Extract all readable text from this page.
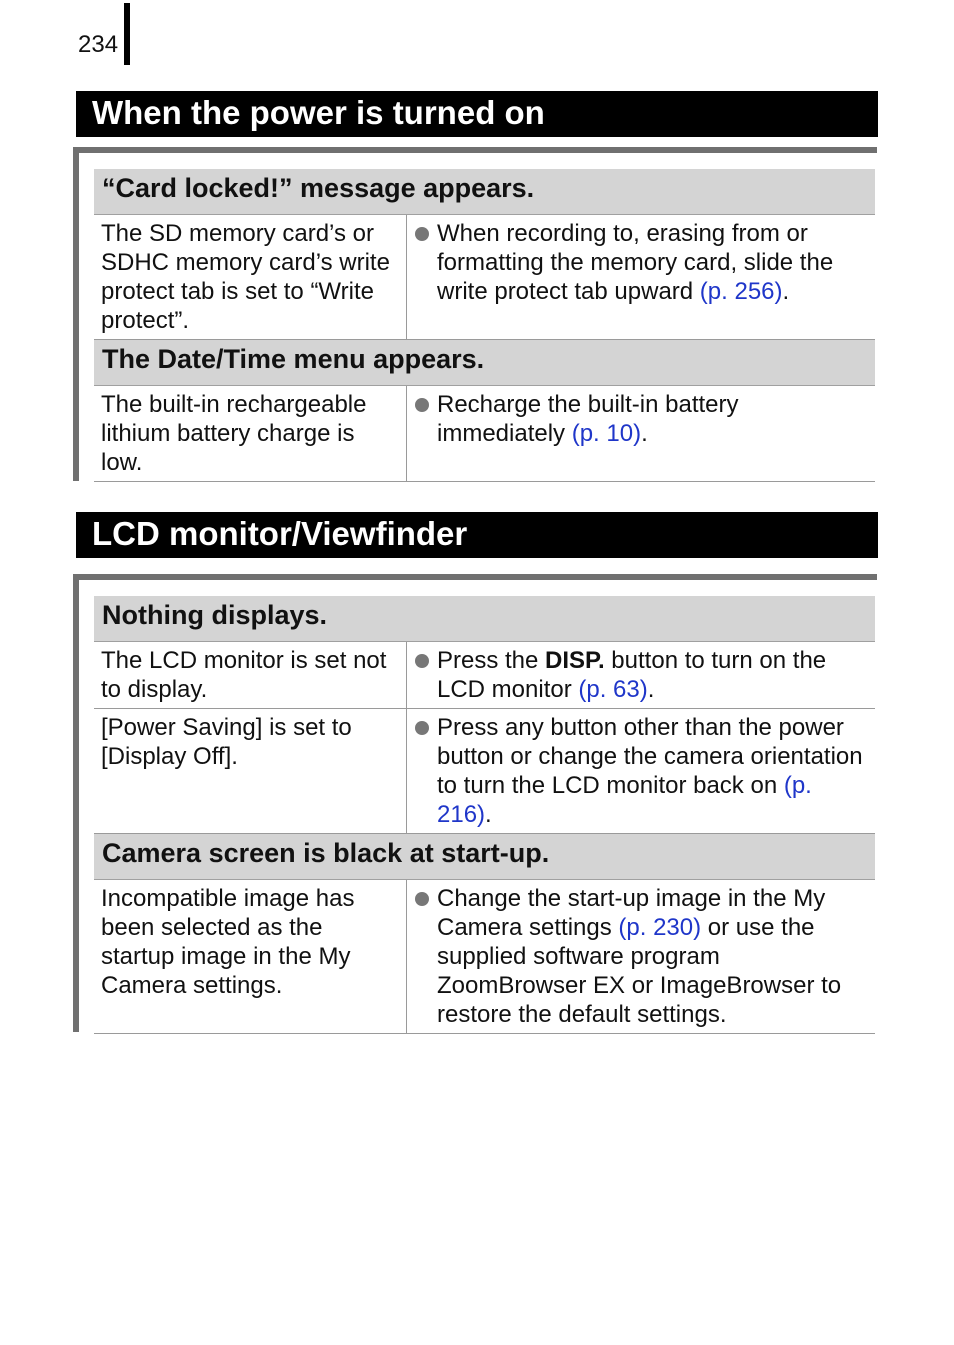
234
When the power is turned on
“Card locked!” message appears.
The SD memory card’s or SDHC memory card’s write protect tab is set to “Write protect”.
When recording to, erasing from or formatting the memory card, slide the write protect tab upward (p. 256).
The Date/Time menu appears.
The built-in rechargeable lithium battery charge is low.
Recharge the built-in battery immediately (p. 10).
LCD monitor/Viewfinder
Nothing displays.
The LCD monitor is set not to display.
Press the DISP. button to turn on the LCD monitor (p. 63).
[Power Saving] is set to [Display Off].
Press any button other than the power button or change the camera orientation to turn the LCD monitor back on (p. 216).
Camera screen is black at start-up.
Incompatible image has been selected as the startup image in the My Camera settings.
Change the start-up image in the My Camera settings (p. 230) or use the supplied software program ZoomBrowser EX or ImageBrowser to restore the default settings.
